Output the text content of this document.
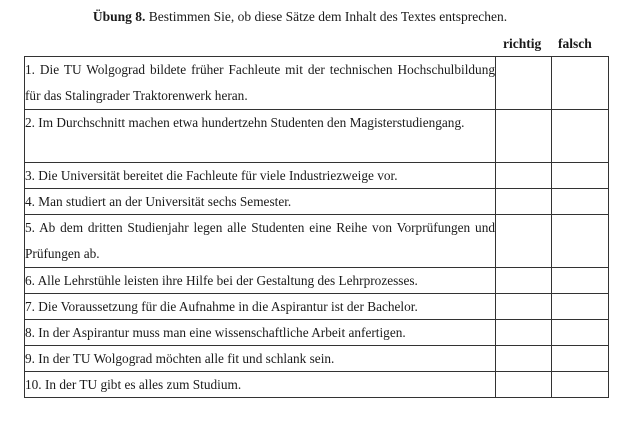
Übung 8. Bestimmen Sie, ob diese Sätze dem Inhalt des Textes entsprechen.
richtig falsch
1. Die TU Wolgograd bildete früher Fachleute mit der technischen Hochschulbildung für das Stalingrader Traktorenwerk heran.		

2. Im Durchschnitt machen etwa hundertzehn Studenten den Magisterstudiengang.		

3. Die Universität bereitet die Fachleute für viele Industriezweige vor.		

4. Man studiert an der Universität sechs Semester.		

5. Ab dem dritten Studienjahr legen alle Studenten eine Reihe von Vorprüfungen und Prüfungen ab.		

6. Alle Lehrstühle leisten ihre Hilfe bei der Gestaltung des Lehrprozesses.		

7. Die Voraussetzung für die Aufnahme in die Aspirantur ist der Bachelor.		

8. In der Aspirantur muss man eine wissenschaftliche Arbeit anfertigen.		

9. In der TU Wolgograd möchten alle fit und schlank sein.		

10. In der TU gibt es alles zum Studium.		
